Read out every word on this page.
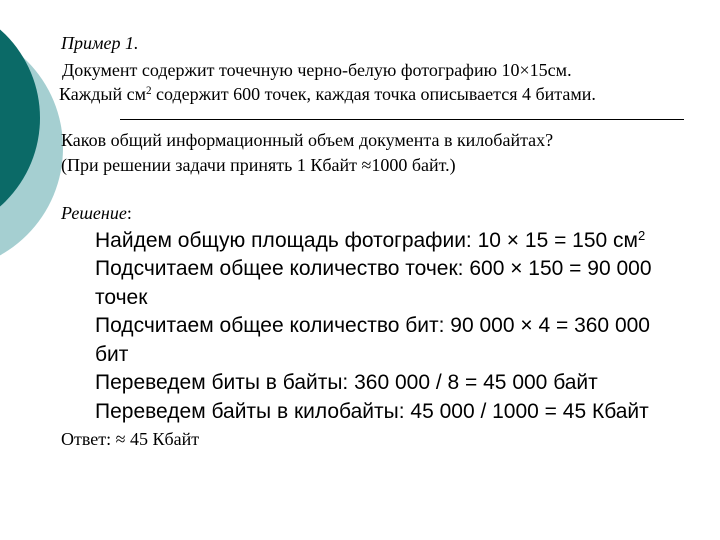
Пример 1.
Документ содержит точечную черно-белую фотографию 10×15см.
Каждый $см^2$ содержит 600 точек, каждая точка описывается 4 битами.
Каков общий информационный объем документа в килобайтах?
(При решении задачи принять 1 Кбайт ≈1000 байт.)
Решение:
Найдем общую площадь фотографии: 10 × 15 = 150 $см^2$
Подсчитаем общее количество точек: 600 × 150 = 90 000
точек
Подсчитаем общее количество бит: 90 000 × 4 = 360 000
бит
Переведем биты в байты: 360 000 / 8 = 45 000 байт
Переведем байты в килобайты: 45 000 / 1000 = 45 Кбайт
Ответ: ≈ 45 Кбайт
